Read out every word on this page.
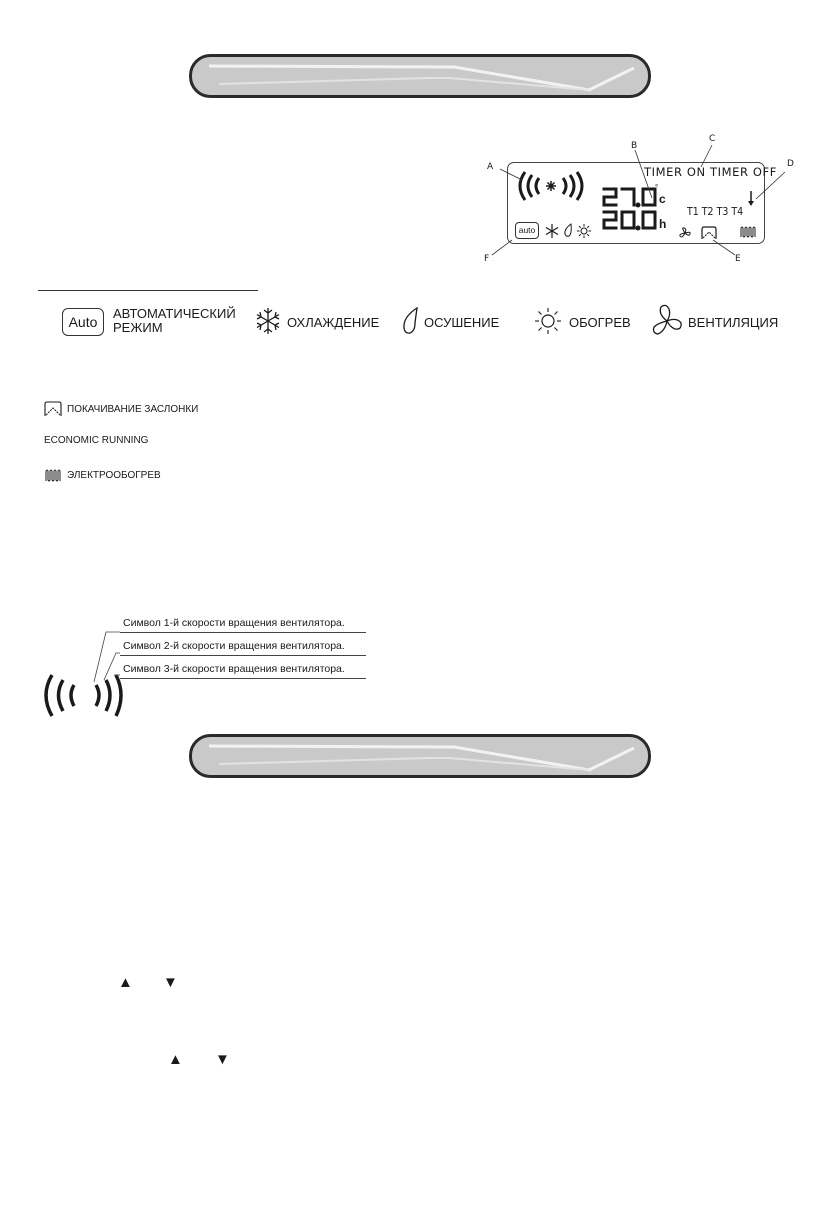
TIMER ON TIMER OFF
°
c
h
T1 T2 T3 T4
auto
A
B
C
D
E
F
Auto
АВТОМАТИЧЕСКИЙ
РЕЖИМ	ОХЛАЖДЕНИЕ	ОСУШЕНИЕ	ОБОГРЕВ	ВЕНТИЛЯЦИЯ
ПОКАЧИВАНИЕ ЗАСЛОНКИ
ECONOMIC RUNNING
ЭЛЕКТРООБОГРЕВ
Символ 1-й скорости вращения вентилятора.
Символ 2-й скорости вращения вентилятора.
Символ 3-й скорости вращения вентилятора.
▲ ▼
▲ ▼
